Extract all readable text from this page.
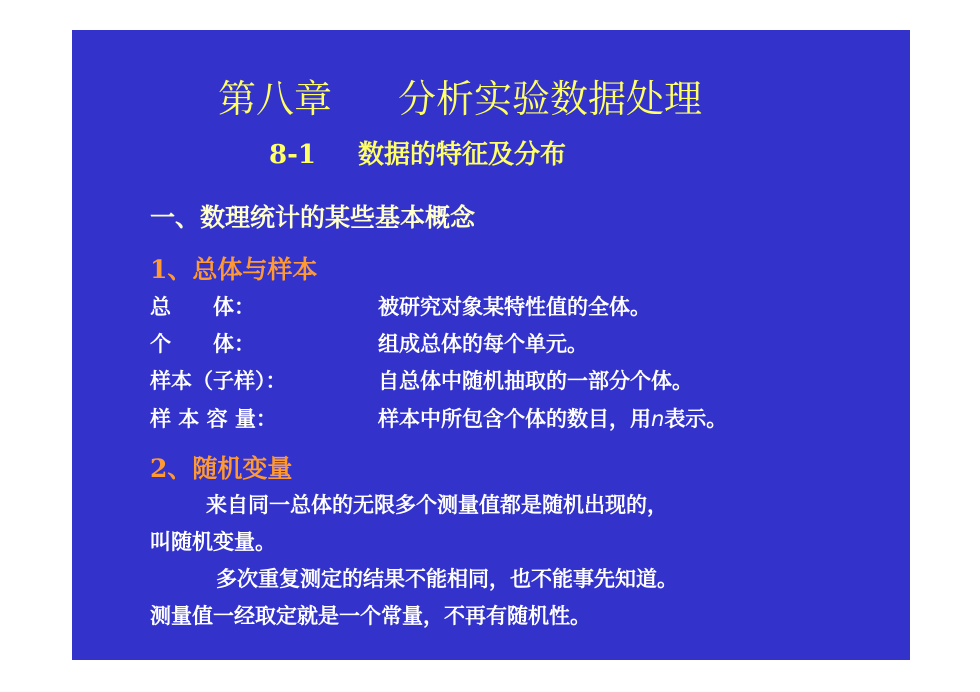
第八章 分析实验数据处理
8-1 数据的特征及分布
一、数理统计的某些基本概念
1、总体与样本
总　　体：	被研究对象某特性值的全体。
个　　体：	组成总体的每个单元。
样本（子样）：	自总体中随机抽取的一部分个体。
样 本 容 量：	样本中所包含个体的数目，用n表示。
2、随机变量
来自同一总体的无限多个测量值都是随机出现的，
叫随机变量。
多次重复测定的结果不能相同，也不能事先知道。
测量值一经取定就是一个常量，不再有随机性。
